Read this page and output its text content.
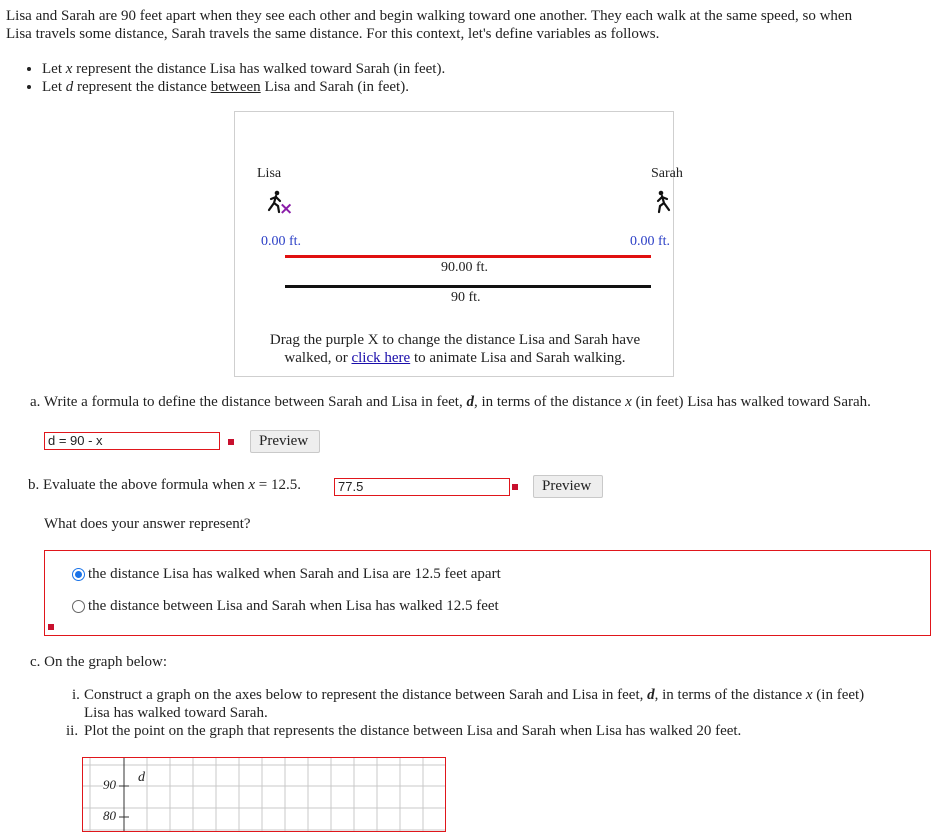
Lisa and Sarah are 90 feet apart when they see each other and begin walking toward one another. They each walk at the same speed, so when
Lisa travels some distance, Sarah travels the same distance. For this context, let's define variables as follows.
• Let x represent the distance Lisa has walked toward Sarah (in feet).
• Let d represent the distance between Lisa and Sarah (in feet).
Lisa	Sarah
×
0.00 ft.	0.00 ft.
90.00 ft.
90 ft.
Drag the purple X to change the distance Lisa and Sarah have walked, or click here to animate Lisa and Sarah walking.
a. Write a formula to define the distance between Sarah and Lisa in feet, d, in terms of the distance x (in feet) Lisa has walked toward Sarah.
d = 90 - x	Preview
b. Evaluate the above formula when x = 12.5.	77.5	Preview
What does your answer represent?
the distance Lisa has walked when Sarah and Lisa are 12.5 feet apart
the distance between Lisa and Sarah when Lisa has walked 12.5 feet
c. On the graph below:
i. Construct a graph on the axes below to represent the distance between Sarah and Lisa in feet, d, in terms of the distance x (in feet)
Lisa has walked toward Sarah.
ii. Plot the point on the graph that represents the distance between Lisa and Sarah when Lisa has walked 20 feet.
90
80
d
